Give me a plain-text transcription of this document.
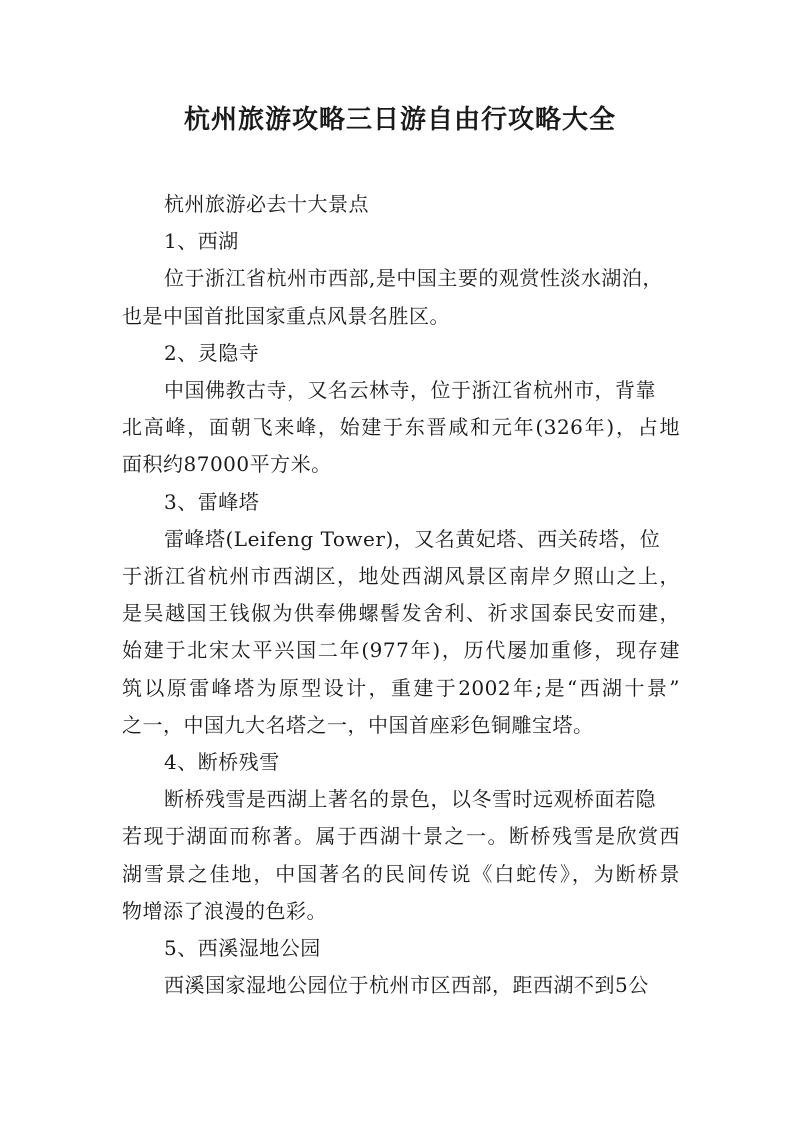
杭州旅游攻略三日游自由行攻略大全
杭州旅游必去十大景点
1、西湖
位于浙江省杭州市西部,是中国主要的观赏性淡水湖泊，
也是中国首批国家重点风景名胜区。
2、灵隐寺
中国佛教古寺，又名云林寺，位于浙江省杭州市，背靠
北高峰，面朝飞来峰，始建于东晋咸和元年(326年)，占地
面积约87000平方米。
3、雷峰塔
雷峰塔(Leifeng Tower)，又名黄妃塔、西关砖塔，位
于浙江省杭州市西湖区，地处西湖风景区南岸夕照山之上，
是吴越国王钱俶为供奉佛螺髻发舍利、祈求国泰民安而建，
始建于北宋太平兴国二年(977年)，历代屡加重修，现存建
筑以原雷峰塔为原型设计，重建于2002年;是“西湖十景”
之一，中国九大名塔之一，中国首座彩色铜雕宝塔。
4、断桥残雪
断桥残雪是西湖上著名的景色，以冬雪时远观桥面若隐
若现于湖面而称著。属于西湖十景之一。断桥残雪是欣赏西
湖雪景之佳地，中国著名的民间传说《白蛇传》，为断桥景
物增添了浪漫的色彩。
5、西溪湿地公园
西溪国家湿地公园位于杭州市区西部，距西湖不到5公
